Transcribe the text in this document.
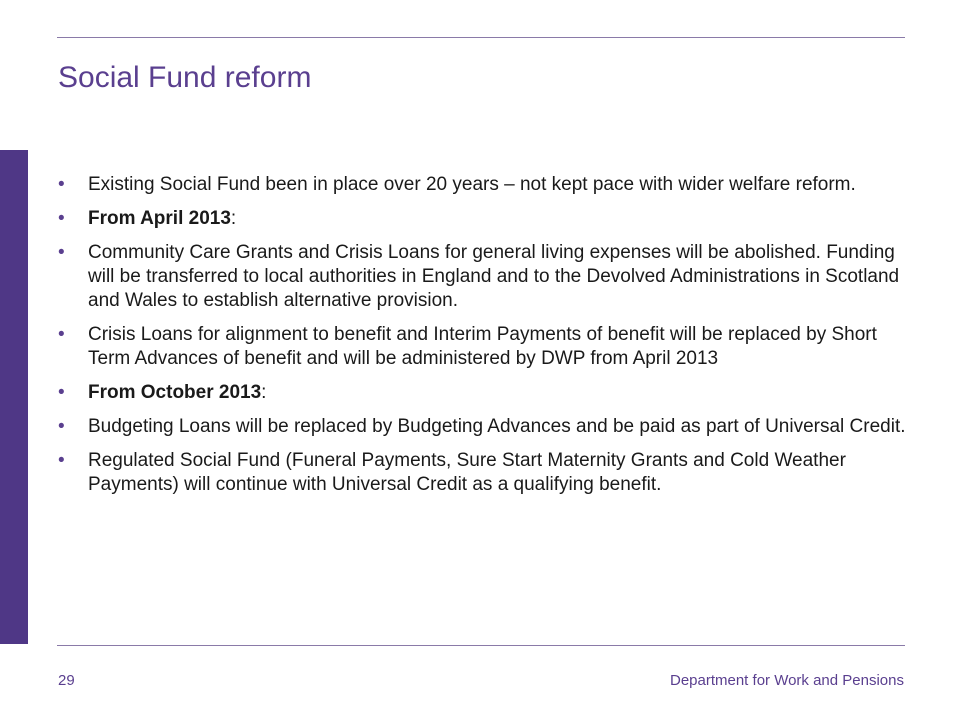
Social Fund reform
•	Existing Social Fund been in place over 20 years – not kept pace with wider welfare reform.
•	From April 2013:
•	Community Care Grants and Crisis Loans for general living expenses will be abolished. Funding will be transferred to local authorities in England and to the Devolved Administrations in Scotland and Wales to establish alternative provision.
•	Crisis Loans for alignment to benefit and Interim Payments of benefit will be replaced by Short Term Advances of benefit and will be administered by DWP from April 2013
•	From October 2013:
•	Budgeting Loans will be replaced by Budgeting Advances and be paid as part of Universal Credit.
•	Regulated Social Fund (Funeral Payments, Sure Start Maternity Grants and Cold Weather Payments) will continue with Universal Credit as a qualifying benefit.
29	Department for Work and Pensions
